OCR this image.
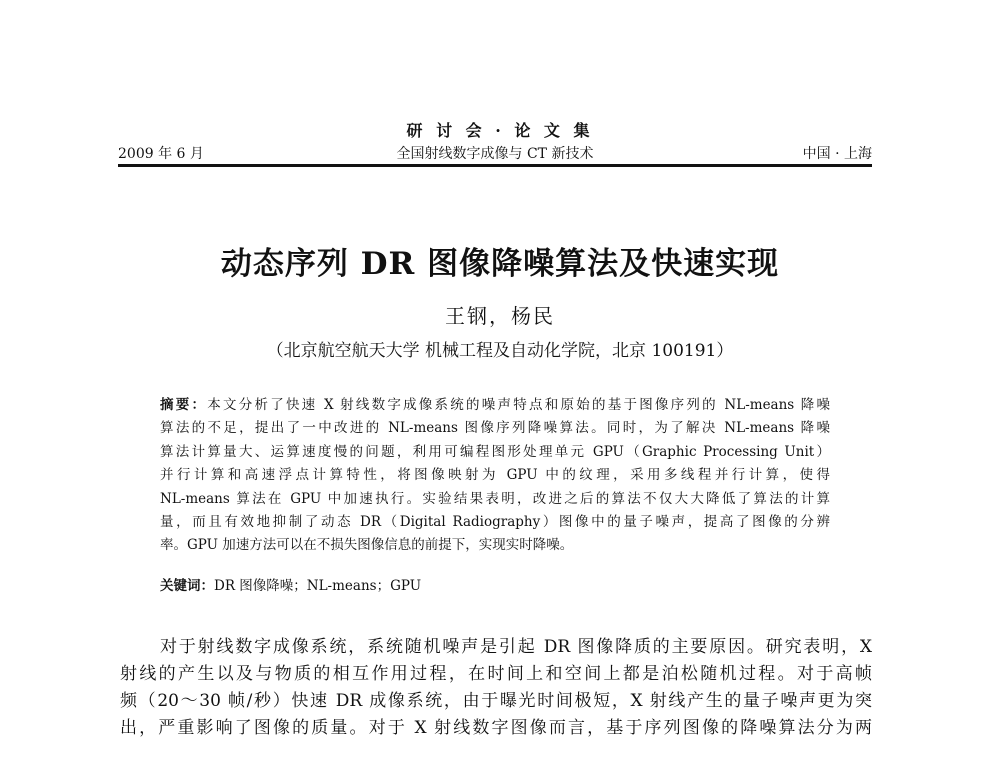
研 讨 会 · 论 文 集
2009 年 6 月	全国射线数字成像与 CT 新技术	中国 · 上海
动态序列 DR 图像降噪算法及快速实现
王钢，杨民
（北京航空航天大学 机械工程及自动化学院，北京 100191）
摘要：本文分析了快速 X 射线数字成像系统的噪声特点和原始的基于图像序列的 NL-means 降噪
算法的不足，提出了一中改进的 NL-means 图像序列降噪算法。同时，为了解决 NL-means 降噪
算法计算量大、运算速度慢的问题，利用可编程图形处理单元 GPU（Graphic Processing Unit）
并行计算和高速浮点计算特性，将图像映射为 GPU 中的纹理，采用多线程并行计算，使得
NL-means 算法在 GPU 中加速执行。实验结果表明，改进之后的算法不仅大大降低了算法的计算
量，而且有效地抑制了动态 DR（Digital Radiography）图像中的量子噪声，提高了图像的分辨
率。GPU 加速方法可以在不损失图像信息的前提下，实现实时降噪。
关键词：DR 图像降噪；NL-means；GPU
对于射线数字成像系统，系统随机噪声是引起 DR 图像降质的主要原因。研究表明，X
射线的产生以及与物质的相互作用过程，在时间上和空间上都是泊松随机过程。对于高帧
频（20～30 帧/秒）快速 DR 成像系统，由于曝光时间极短，X 射线产生的量子噪声更为突
出，严重影响了图像的质量。对于 X 射线数字图像而言，基于序列图像的降噪算法分为两
